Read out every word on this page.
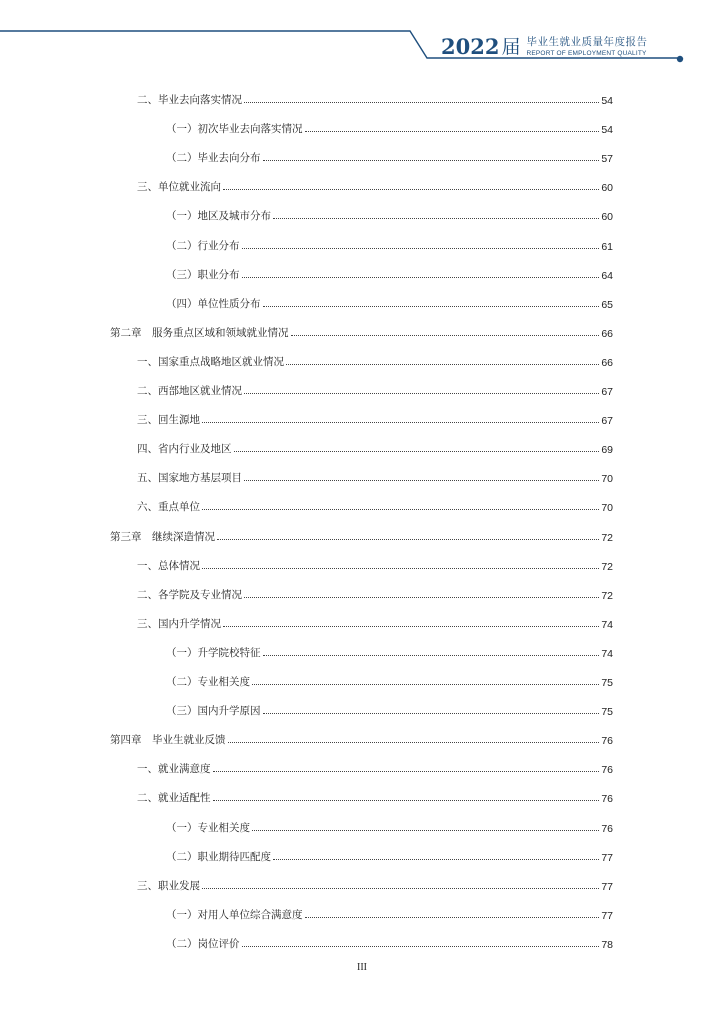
2022 届 毕业生就业质量年度报告
REPORT OF EMPLOYMENT QUALITY
二、毕业去向落实情况	54
（一）初次毕业去向落实情况	54
（二）毕业去向分布	57
三、单位就业流向	60
（一）地区及城市分布	60
（二）行业分布	61
（三）职业分布	64
（四）单位性质分布	65
第二章　服务重点区域和领域就业情况	66
一、国家重点战略地区就业情况	66
二、西部地区就业情况	67
三、回生源地	67
四、省内行业及地区	69
五、国家地方基层项目	70
六、重点单位	70
第三章　继续深造情况	72
一、总体情况	72
二、各学院及专业情况	72
三、国内升学情况	74
（一）升学院校特征	74
（二）专业相关度	75
（三）国内升学原因	75
第四章　毕业生就业反馈	76
一、就业满意度	76
二、就业适配性	76
（一）专业相关度	76
（二）职业期待匹配度	77
三、职业发展	77
（一）对用人单位综合满意度	77
（二）岗位评价	78
III
